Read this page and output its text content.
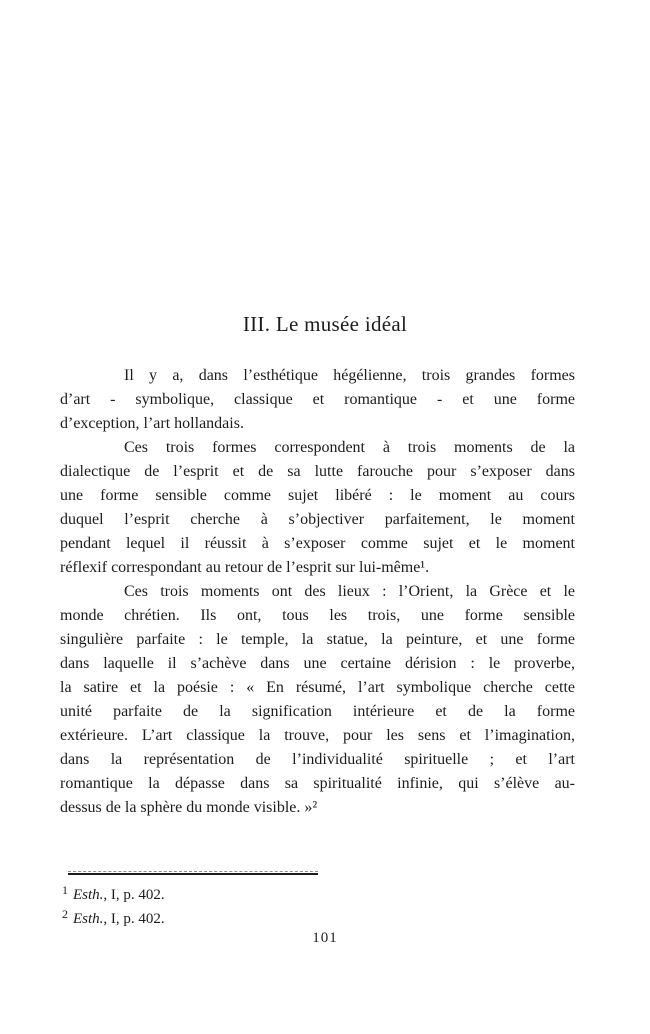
III. Le musée idéal
Il y a, dans l’esthétique hégélienne, trois grandes formes
d’art - symbolique, classique et romantique - et une forme
d’exception, l’art hollandais.
Ces trois formes correspondent à trois moments de la
dialectique de l’esprit et de sa lutte farouche pour s’exposer dans
une forme sensible comme sujet libéré : le moment au cours
duquel l’esprit cherche à s’objectiver parfaitement, le moment
pendant lequel il réussit à s’exposer comme sujet et le moment
réflexif correspondant au retour de l’esprit sur lui-même¹.
Ces trois moments ont des lieux : l’Orient, la Grèce et le
monde chrétien. Ils ont, tous les trois, une forme sensible
singulière parfaite : le temple, la statue, la peinture, et une forme
dans laquelle il s’achève dans une certaine dérision : le proverbe,
la satire et la poésie : « En résumé, l’art symbolique cherche cette
unité parfaite de la signification intérieure et de la forme
extérieure. L’art classique la trouve, pour les sens et l’imagination,
dans la représentation de l’individualité spirituelle ; et l’art
romantique la dépasse dans sa spiritualité infinie, qui s’élève au-
dessus de la sphère du monde visible. »²
1 Esth., I, p. 402.
2 Esth., I, p. 402.
101
